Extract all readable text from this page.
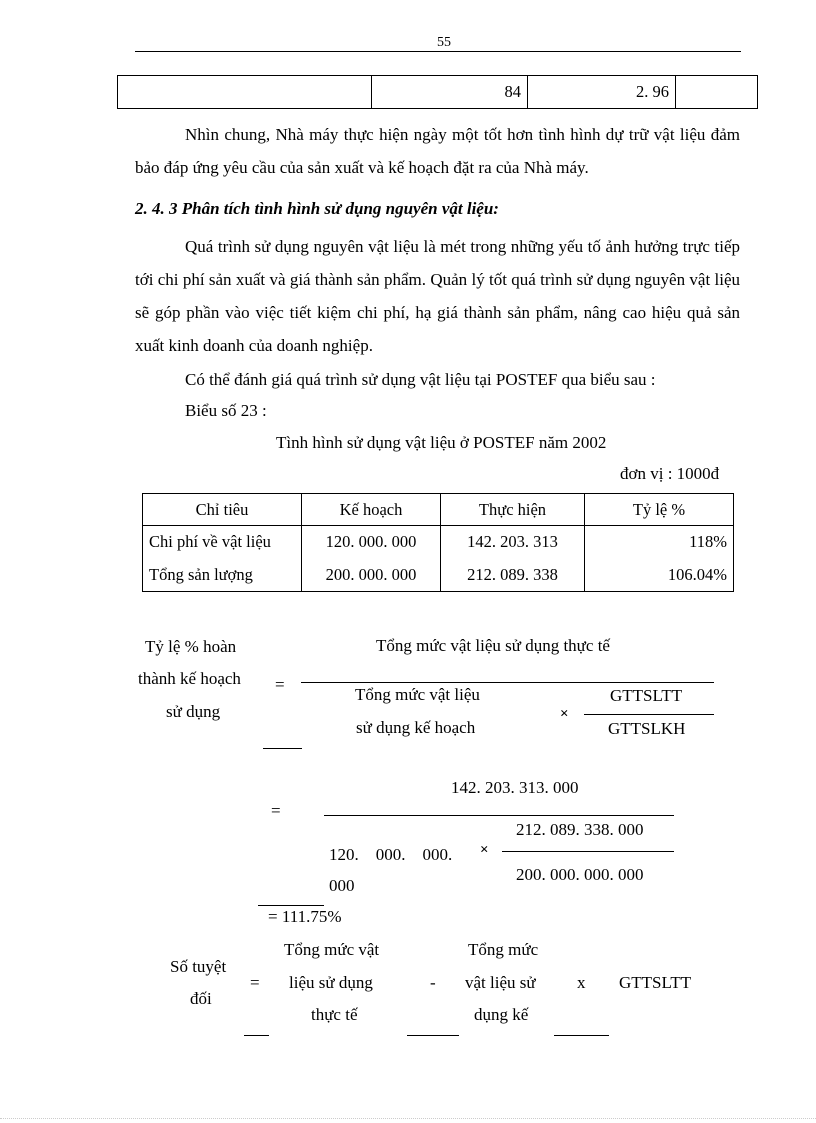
55
	84	2. 96	

Nhìn chung, Nhà máy thực hiện ngày một tốt hơn tình hình dự trữ vật liệu đảm bảo đáp ứng yêu cầu của sản xuất và kế hoạch đặt ra của Nhà máy.

2. 4. 3 Phân tích tình hình sử dụng nguyên vật liệu:

Quá trình sử dụng nguyên vật liệu là mét trong những yếu tố ảnh hưởng trực tiếp tới chi phí sản xuất và giá thành sản phẩm. Quản lý tốt quá trình sử dụng nguyên vật liệu sẽ góp phần vào việc tiết kiệm chi phí, hạ giá thành sản phẩm, nâng cao hiệu quả sản xuất kinh doanh của doanh nghiệp.

Có thể đánh giá quá trình sử dụng vật liệu tại POSTEF qua biểu sau :
Biểu số 23 :
Tình hình sử dụng vật liệu ở POSTEF năm 2002
đơn vị : 1000đ
Chỉ tiêu	Kế hoạch	Thực hiện	Tỷ lệ %
Chi phí về vật liệu	120. 000. 000	142. 203. 313	118%
Tổng sản lượng	200. 000. 000	212. 089. 338	106.04%
Tỷ lệ % hoàn
thành kế hoạch
sử dụng
=
Tổng mức vật liệu sử dụng thực tế
Tổng mức vật liệu
sử dụng kế hoạch
×
GTTSLTT
GTTSLKH
142. 203. 313. 000
=
120.    000.    000.
000
×
212. 089. 338. 000
200. 000. 000. 000
= 111.75%
Số tuyệt
đối
=
Tổng mức vật
liệu sử dụng
thực tế
-
Tổng mức
vật liệu sử
dụng kế
x GTTSLTT
